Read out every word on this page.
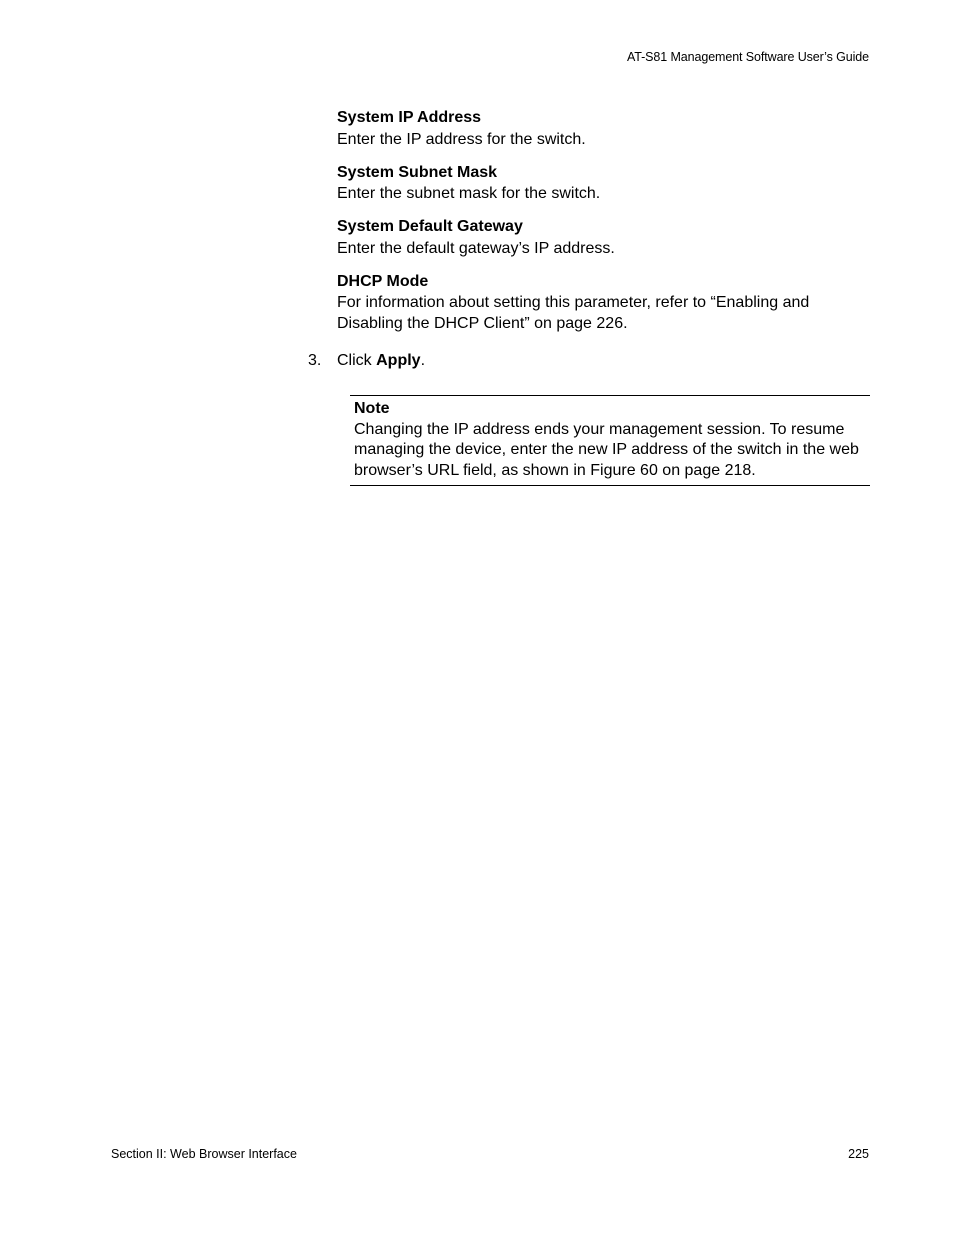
AT-S81 Management Software User’s Guide
System IP Address
Enter the IP address for the switch.
System Subnet Mask
Enter the subnet mask for the switch.
System Default Gateway
Enter the default gateway’s IP address.
DHCP Mode
For information about setting this parameter, refer to “Enabling and Disabling the DHCP Client” on page 226.
3. Click Apply.
Note
Changing the IP address ends your management session. To resume managing the device, enter the new IP address of the switch in the web browser’s URL field, as shown in Figure 60 on page 218.
Section II: Web Browser Interface	225
